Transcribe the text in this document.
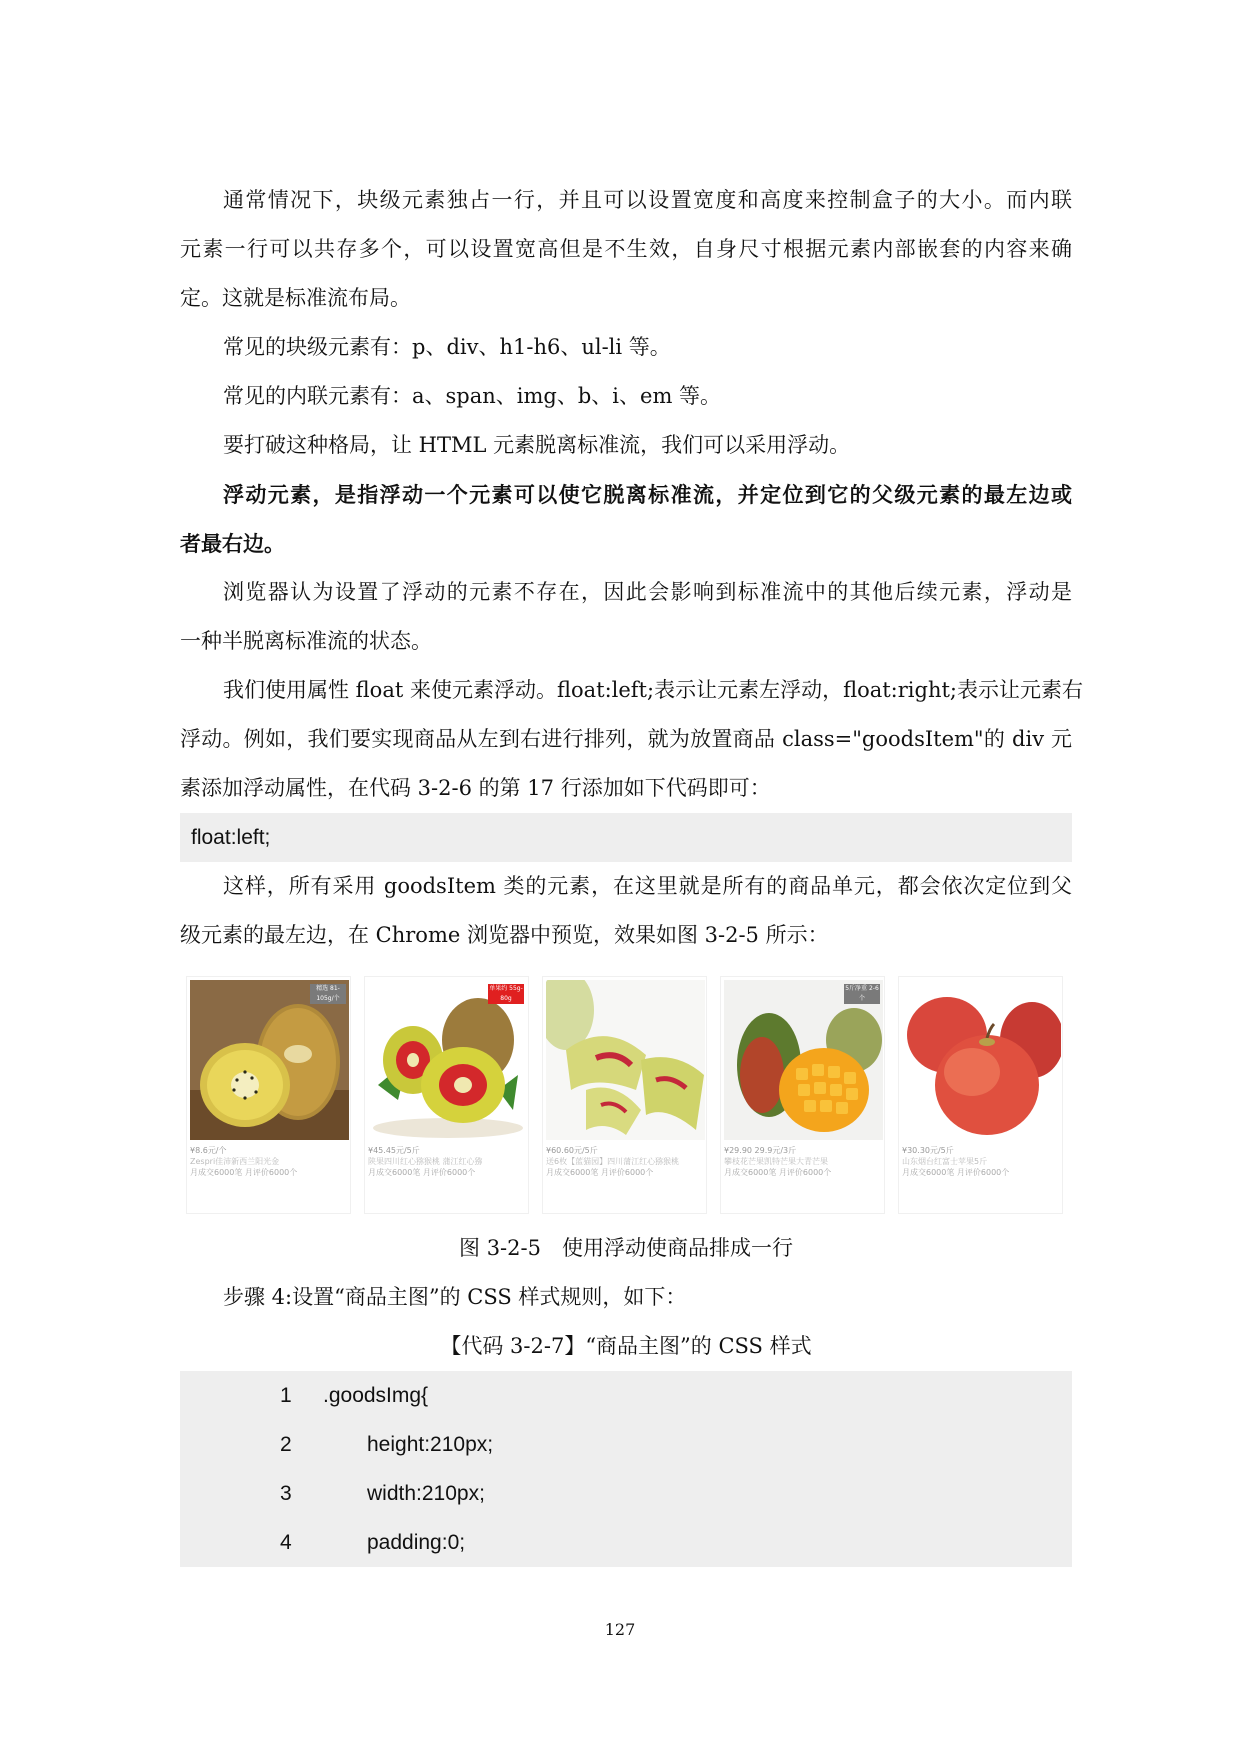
通常情况下，块级元素独占一行，并且可以设置宽度和高度来控制盒子的大小。而内联
元素一行可以共存多个，可以设置宽高但是不生效，自身尺寸根据元素内部嵌套的内容来确
定。这就是标准流布局。
常见的块级元素有：p、div、h1-h6、ul-li 等。
常见的内联元素有：a、span、img、b、i、em 等。
要打破这种格局，让 HTML 元素脱离标准流，我们可以采用浮动。
浮动元素，是指浮动一个元素可以使它脱离标准流，并定位到它的父级元素的最左边或
者最右边。
浏览器认为设置了浮动的元素不存在，因此会影响到标准流中的其他后续元素，浮动是
一种半脱离标准流的状态。
我们使用属性 float 来使元素浮动。float:left;表示让元素左浮动，float:right;表示让元素右
浮动。例如，我们要实现商品从左到右进行排列，就为放置商品 class="goodsItem"的 div 元
素添加浮动属性，在代码 3-2-6 的第 17 行添加如下代码即可：
float:left;
这样，所有采用 goodsItem 类的元素，在这里就是所有的商品单元，都会依次定位到父
级元素的最左边，在 Chrome 浏览器中预览，效果如图 3-2-5 所示：
精选 81-105g/个
¥8.6元/个
Zespri佳沛新西兰阳光金
月成交6000笔 月评价6000个
单果约 55g-80g
¥45.45元/5斤
陕果四川红心猕猴桃 蒲江红心猕
月成交6000笔 月评价6000个
¥60.60元/5斤
送6枚【蓝猫园】四川蒲江红心猕猴桃
月成交6000笔 月评价6000个
5斤净重 2-6个
¥29.90 29.9元/3斤
攀枝花芒果凯特芒果大青芒果
月成交6000笔 月评价6000个
¥30.30元/5斤
山东烟台红富士苹果5斤
月成交6000笔 月评价6000个
图 3-2-5　使用浮动使商品排成一行
步骤 4:设置“商品主图”的 CSS 样式规则，如下：
【代码 3-2-7】“商品主图”的 CSS 样式
1 .goodsImg{
2	height:210px;
3	width:210px;
4	padding:0;
127
